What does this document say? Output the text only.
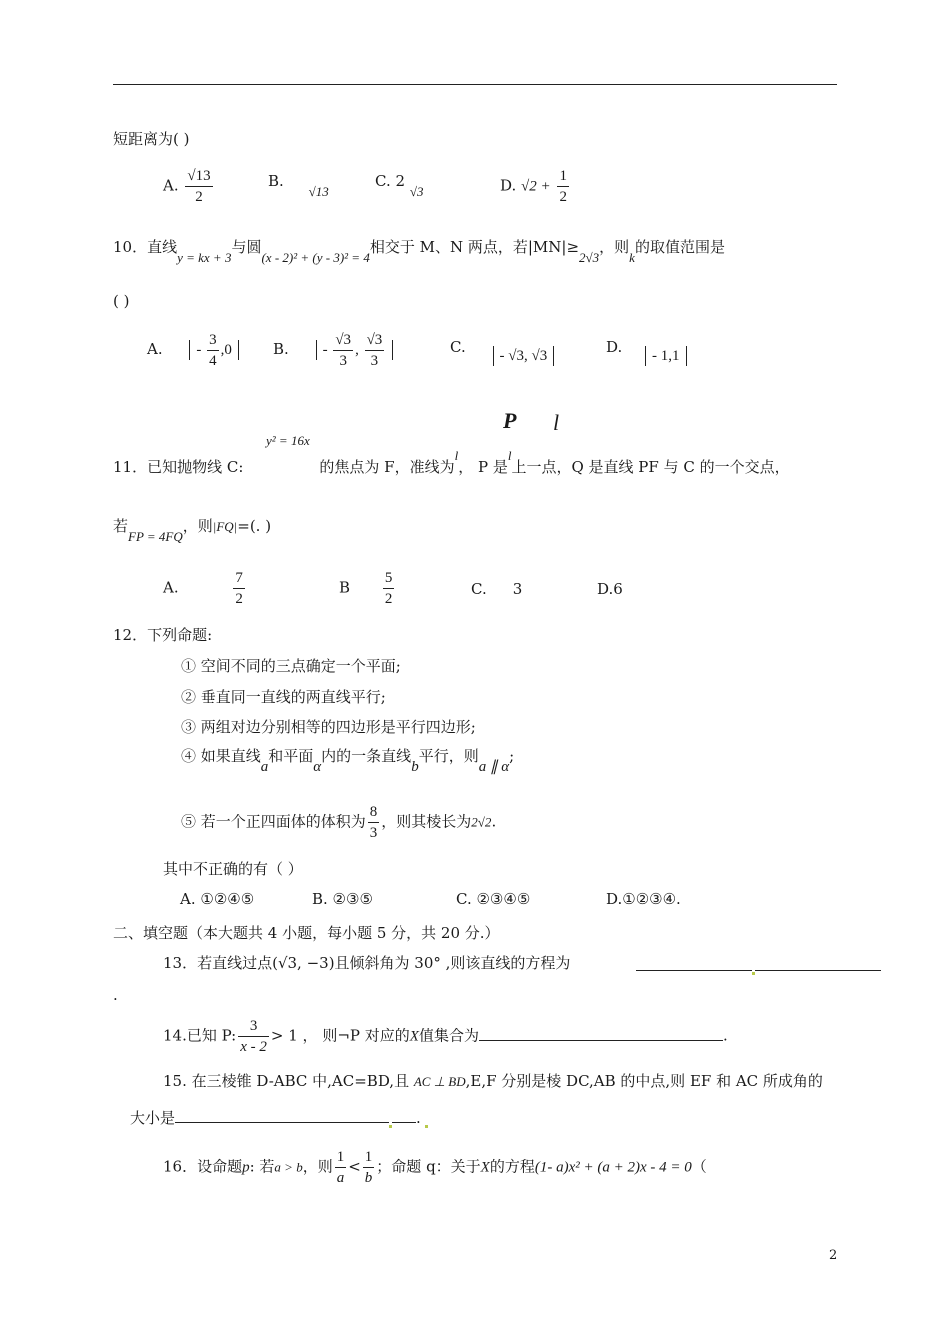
短距离为( )
A. $\frac{√13}{2}$	B. √13
C. 2 √3	D. $√2 + \frac{1}{2}$
10．直线y = kx + 3与圆(x - 2)² + (y - 3)² = 4相交于 M、N 两点，若|MN|≥2√3，则k的取值范围是
( )
A. - $\frac{3}{4} ,0$	B. - $\frac{√3}{3}$ , $\frac{√3}{3}$	C. - √3, √3	D. - 1,1
y² = 16x
P l
11．已知抛物线 C:	的焦点为 F，准线为l， P 是l上一点，Q 是直线 PF 与 C 的一个交点，
若FP = 4FQ，则|FQ|=(. )
A.	$\frac{7}{2}$	B $\frac{5}{2}$	C. 3	D.6
12．下列命题:
① 空间不同的三点确定一个平面;
② 垂直同一直线的两直线平行;
③ 两组对边分别相等的四边形是平行四边形;
④ 如果直线a和平面α内的一条直线b平行，则a ∥ α;
⑤ 若一个正四面体的体积为 $\frac{8}{3}$ ，则其棱长为2√2.
其中不正确的有（ ）
A. ①②④⑤	B. ②③⑤	C. ②③④⑤	D.①②③④.
二、填空题（本大题共 4 小题，每小题 5 分，共 20 分.）
13．若直线过点(√3, −3)且倾斜角为 30° ,则该直线的方程为
.
14.已知 P: $\frac{3}{x - 2} > 1$ ， 则¬P 对应的X值集合为	.
15. 在三棱锥 D-ABC 中,AC=BD,且 AC ⊥ BD,E,F 分别是棱 DC,AB 的中点,则 EF 和 AC 所成角的
大小是	.
16．设命题p: 若a > b，则 $\frac{1}{a} < \frac{1}{b}$ ；命题 q：关于X的方程(1- a)x² + (a + 2)x - 4 = 0（
2
